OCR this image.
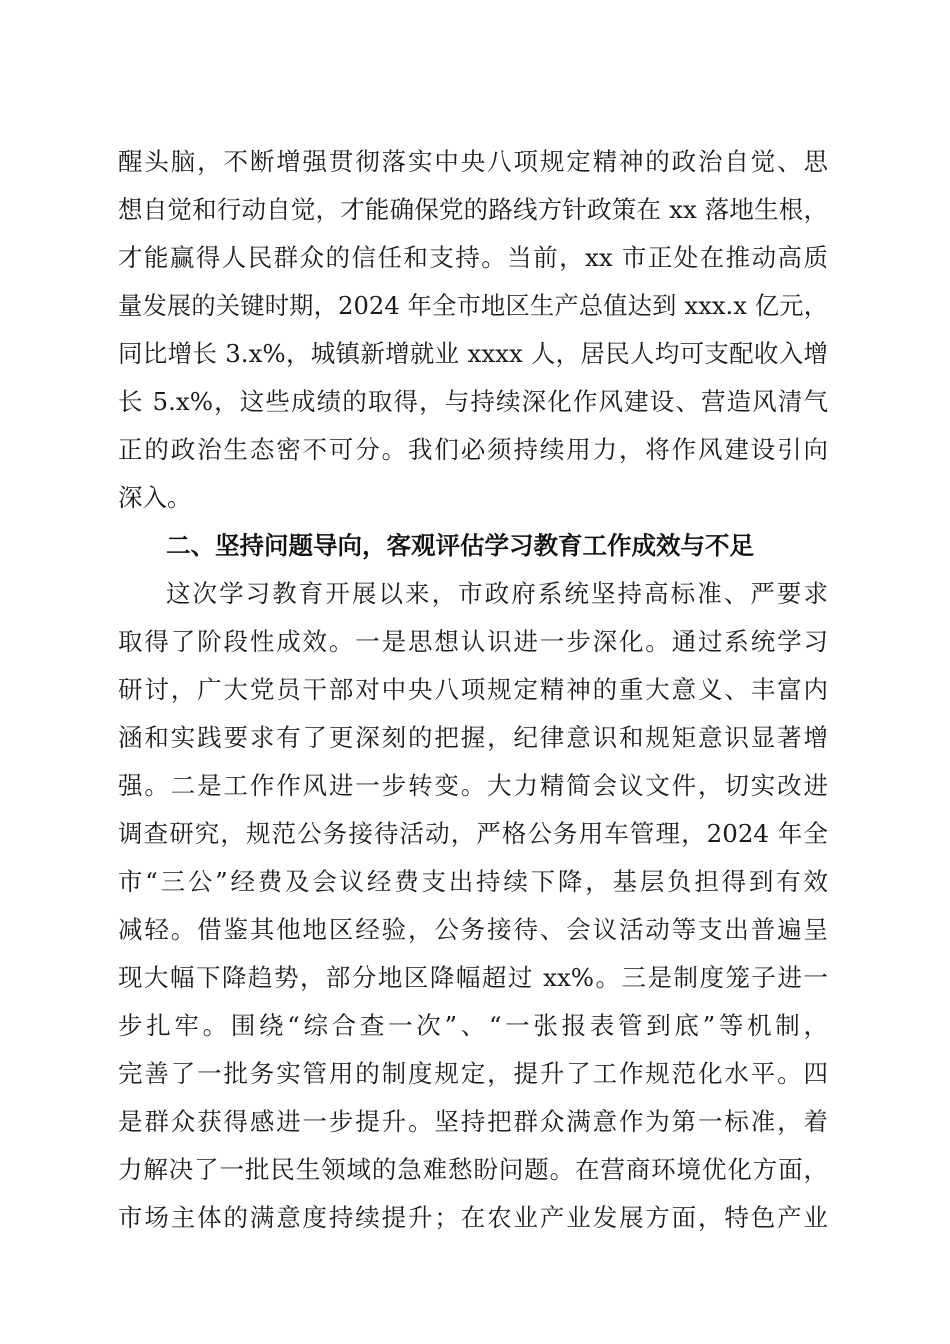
醒头脑，不断增强贯彻落实中央八项规定精神的政治自觉、思
想自觉和行动自觉，才能确保党的路线方针政策在 xx 落地生根，
才能赢得人民群众的信任和支持。当前，xx 市正处在推动高质
量发展的关键时期，2024 年全市地区生产总值达到 xxx.x 亿元，
同比增长 3.x%，城镇新增就业 xxxx 人，居民人均可支配收入增
长 5.x%，这些成绩的取得，与持续深化作风建设、营造风清气
正的政治生态密不可分。我们必须持续用力，将作风建设引向
深入。
二、坚持问题导向，客观评估学习教育工作成效与不足
这次学习教育开展以来，市政府系统坚持高标准、严要求
取得了阶段性成效。一是思想认识进一步深化。通过系统学习
研讨，广大党员干部对中央八项规定精神的重大意义、丰富内
涵和实践要求有了更深刻的把握，纪律意识和规矩意识显著增
强。二是工作作风进一步转变。大力精简会议文件，切实改进
调查研究，规范公务接待活动，严格公务用车管理，2024 年全
市“三公”经费及会议经费支出持续下降，基层负担得到有效
减轻。借鉴其他地区经验，公务接待、会议活动等支出普遍呈
现大幅下降趋势，部分地区降幅超过 xx%。三是制度笼子进一
步扎牢。围绕“综合查一次”、“一张报表管到底”等机制，
完善了一批务实管用的制度规定，提升了工作规范化水平。四
是群众获得感进一步提升。坚持把群众满意作为第一标准，着
力解决了一批民生领域的急难愁盼问题。在营商环境优化方面，
市场主体的满意度持续提升；在农业产业发展方面，特色产业
